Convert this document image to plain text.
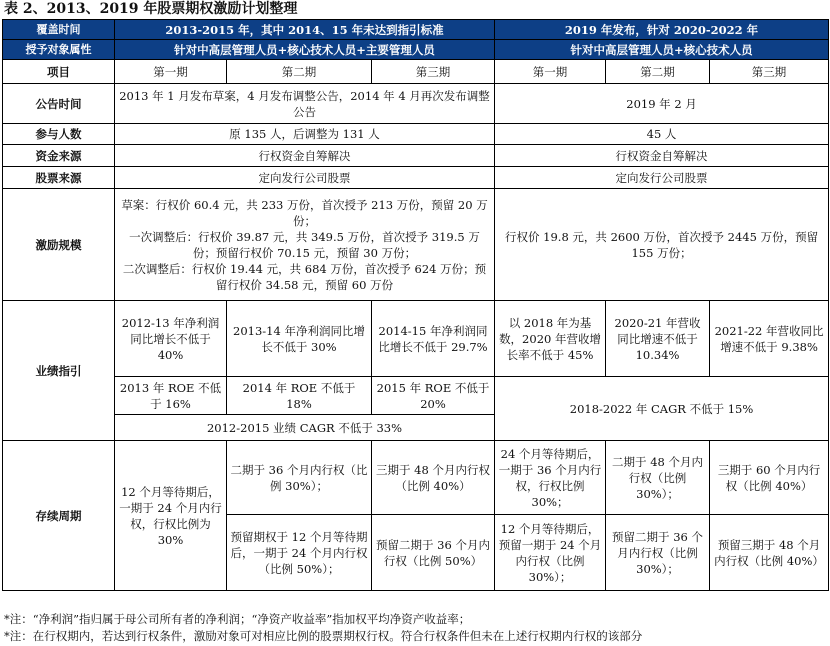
表 2、2013、2019 年股票期权激励计划整理
覆盖时间	2013-2015 年，其中 2014、15 年未达到指引标准			2019 年发布，针对 2020-2022 年		
授予对象属性	针对中高层管理人员+核心技术人员+主要管理人员			针对中高层管理人员+核心技术人员		
项目	第一期	第二期	第三期	第一期	第二期	第三期
公告时间	2013 年 1 月发布草案，4 月发布调整公告，2014 年 4 月再次发布调整公告			2019 年 2 月		
参与人数	原 135 人，后调整为 131 人			45 人		
资金来源	行权资金自筹解决			行权资金自筹解决		
股票来源	定向发行公司股票			定向发行公司股票		
激励规模	草案：行权价 60.4 元，共 233 万份，首次授予 213 万份，预留 20 万份；
一次调整后：行权价 39.87 元，共 349.5 万份，首次授予 319.5 万份；预留行权价 70.15 元，预留 30 万份；
二次调整后：行权价 19.44 元，共 684 万份，首次授予 624 万份；预留行权价 34.58 元，预留 60 万份			行权价 19.8 元，共 2600 万份，首次授予 2445 万份，预留 155 万份；		
业绩指引	2012-13 年净利润同比增长不低于 40%	2013-14 年净利润同比增长不低于 30%	2014-15 年净利润同比增长不低于 29.7%	以 2018 年为基数，2020 年营收增长率不低于 45%	2020-21 年营收同比增速不低于 10.34%	2021-22 年营收同比增速不低于 9.38%
	2013 年 ROE 不低于 16%	2014 年 ROE 不低于 18%	2015 年 ROE 不低于 20%	2018-2022 年 CAGR 不低于 15%		
	2012-2015 业绩 CAGR 不低于 33%					
存续周期	12 个月等待期后，一期于 24 个月内行权，行权比例为 30%	二期于 36 个月内行权（比例 30%）；	三期于 48 个月内行权（比例 40%）	24 个月等待期后，一期于 36 个月内行权，行权比例 30%；	二期于 48 个月内行权（比例 30%）；	三期于 60 个月内行权（比例 40%）
		预留期权于 12 个月等待期后，一期于 24 个月内行权（比例 50%）；	预留二期于 36 个月内行权（比例 50%）	12 个月等待期后，预留一期于 24 个月内行权（比例 30%）；	预留二期于 36 个月内行权（比例 30%）；	预留三期于 48 个月内行权（比例 40%）
*注：“净利润”指归属于母公司所有者的净利润；“净资产收益率”指加权平均净资产收益率；
*注：在行权期内，若达到行权条件，激励对象可对相应比例的股票期权行权。符合行权条件但未在上述行权期内行权的该部分
